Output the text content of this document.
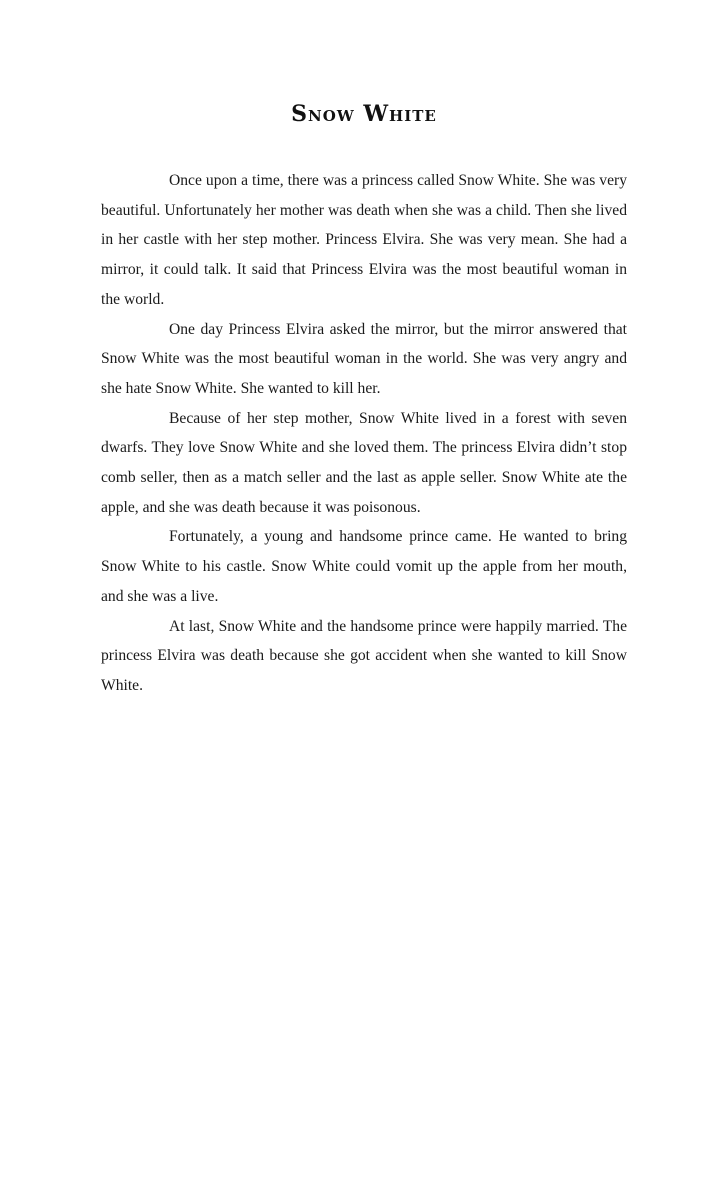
Snow White

Once upon a time, there was a princess called Snow White. She was very beautiful. Unfortunately her mother was death when she was a child. Then she lived in her castle with her step mother. Princess Elvira. She was very mean. She had a mirror, it could talk. It said that Princess Elvira was the most beautiful woman in the world.

One day Princess Elvira asked the mirror, but the mirror answered that Snow White was the most beautiful woman in the world. She was very angry and she hate Snow White. She wanted to kill her.

Because of her step mother, Snow White lived in a forest with seven dwarfs. They love Snow White and she loved them. The princess Elvira didn’t stop comb seller, then as a match seller and the last as apple seller. Snow White ate the apple, and she was death because it was poisonous.

Fortunately, a young and handsome prince came. He wanted to bring Snow White to his castle. Snow White could vomit up the apple from her mouth, and she was a live.

At last, Snow White and the handsome prince were happily married. The princess Elvira was death because she got accident when she wanted to kill Snow White.
